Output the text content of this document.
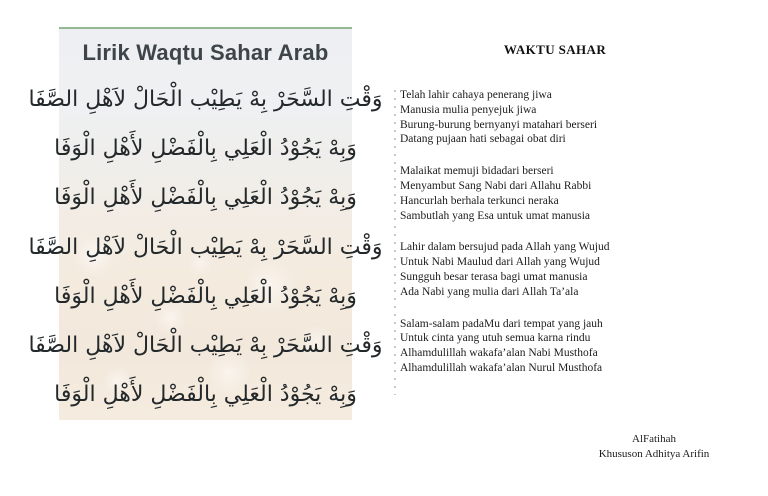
Lirik Waqtu Sahar Arab
وَقْتِ السَّحَرْ بِهْ يَطِيْب الْحَالْ لاَهْلِ الصَّفَا
وَبِهْ يَجُوْدُ الْعَلِي بِالْفَضْلِ لأَهْلِ الْوَفَا
وَبِهْ يَجُوْدُ الْعَلِي بِالْفَضْلِ لأَهْلِ الْوَفَا
وَقْتِ السَّحَرْ بِهْ يَطِيْب الْحَالْ لاَهْلِ الصَّفَا
وَبِهْ يَجُوْدُ الْعَلِي بِالْفَضْلِ لأَهْلِ الْوَفَا
وَقْتِ السَّحَرْ بِهْ يَطِيْب الْحَالْ لاَهْلِ الصَّفَا
وَبِهْ يَجُوْدُ الْعَلِي بِالْفَضْلِ لأَهْلِ الْوَفَا
WAKTU SAHAR
Telah lahir cahaya penerang jiwa
Manusia mulia penyejuk jiwa
Burung-burung bernyanyi matahari berseri
Datang pujaan hati sebagai obat diri
Malaikat memuji bidadari berseri
Menyambut Sang Nabi dari Allahu Rabbi
Hancurlah berhala terkunci neraka
Sambutlah yang Esa untuk umat manusia
Lahir dalam bersujud pada Allah yang Wujud
Untuk Nabi Maulud dari Allah yang Wujud
Sungguh besar terasa bagi umat manusia
Ada Nabi yang mulia dari Allah Ta’ala
Salam-salam padaMu dari tempat yang jauh
Untuk cinta yang utuh semua karna rindu
Alhamdulillah wakafa’alan Nabi Musthofa
Alhamdulillah wakafa’alan Nurul Musthofa
AlFatihah
Khususon Adhitya Arifin
